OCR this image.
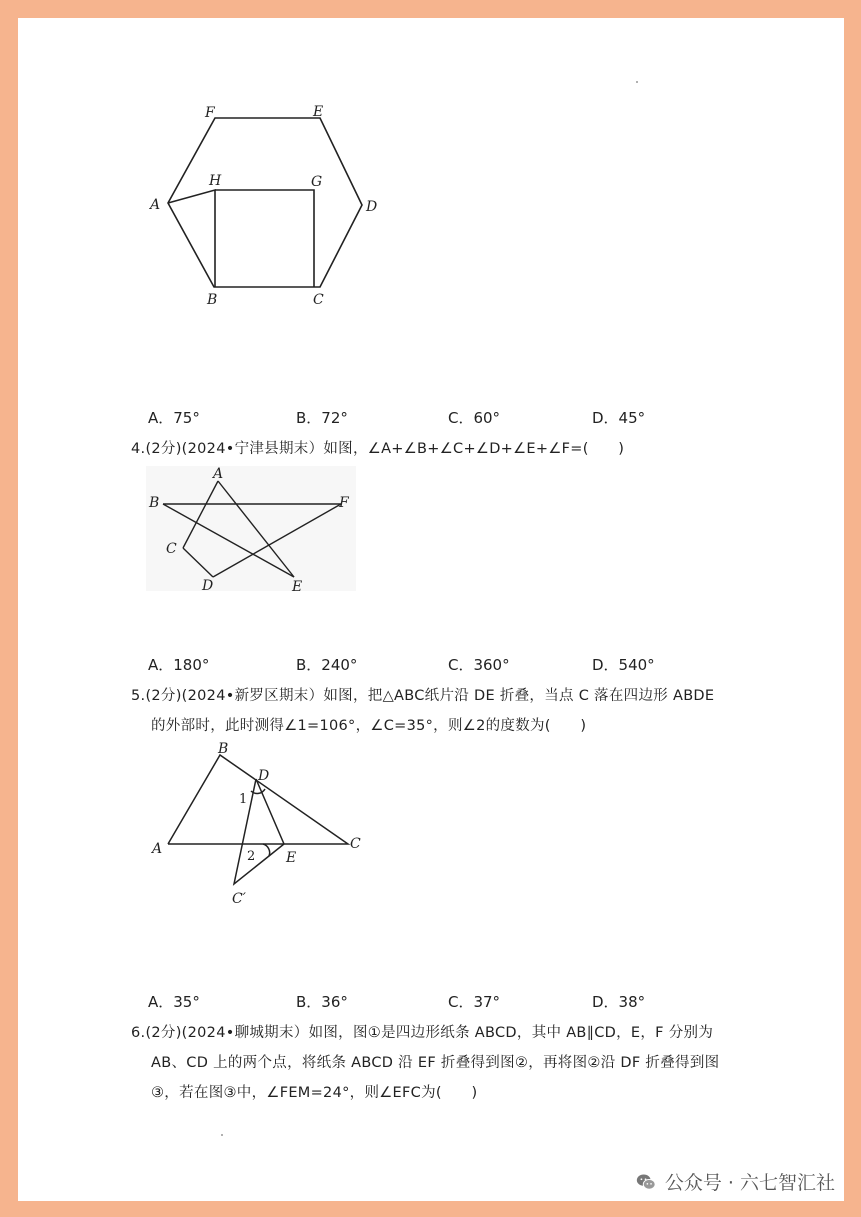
F	E
A
H	G
D
B	C
A．75°	B．72°	C．60°	D．45°
4.(2分)(2024•宁津县期末）如图，∠A+∠B+∠C+∠D+∠E+∠F=(　　)
A
B	F
C
D	E
A．180°	B．240°	C．360°	D．540°
5.(2分)(2024•新罗区期末）如图，把△ABC纸片沿 DE 折叠，当点 C 落在四边形 ABDE
的外部时，此时测得∠1=106°，∠C=35°，则∠2的度数为(　　)
B
D
1
A	C
2 E
C′
A．35°	B．36°	C．37°	D．38°
6.(2分)(2024•聊城期末）如图，图①是四边形纸条 ABCD，其中 AB∥CD，E，F 分别为
AB、CD 上的两个点，将纸条 ABCD 沿 EF 折叠得到图②，再将图②沿 DF 折叠得到图
③，若在图③中，∠FEM=24°，则∠EFC为(　　)
公众号 · 六七智汇社
